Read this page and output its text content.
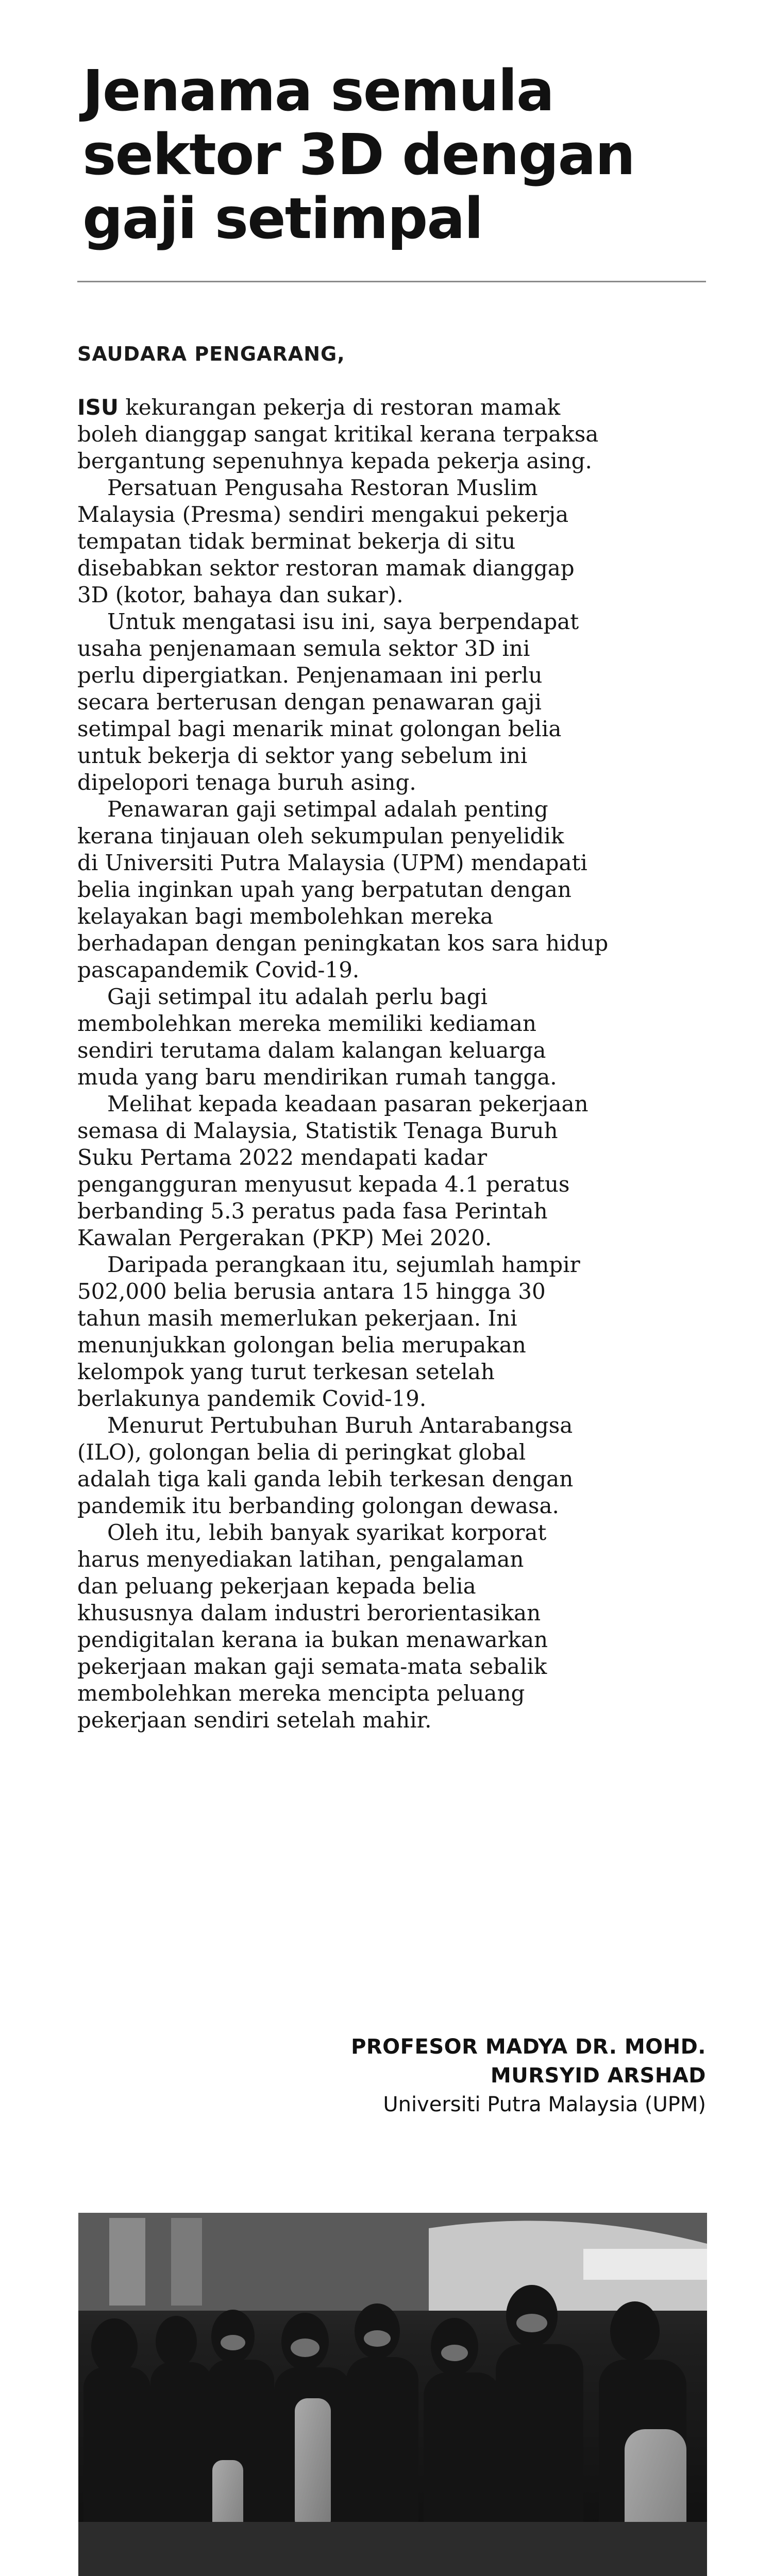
Jenama semula
sektor 3D dengan
gaji setimpal
SAUDARA PENGARANG,

ISU kekurangan pekerja di restoran mamak
boleh dianggap sangat kritikal kerana terpaksa
bergantung sepenuhnya kepada pekerja asing.

Persatuan Pengusaha Restoran Muslim
Malaysia (Presma) sendiri mengakui pekerja
tempatan tidak berminat bekerja di situ
disebabkan sektor restoran mamak dianggap
3D (kotor, bahaya dan sukar).

Untuk mengatasi isu ini, saya berpendapat
usaha penjenamaan semula sektor 3D ini
perlu dipergiatkan. Penjenamaan ini perlu
secara berterusan dengan penawaran gaji
setimpal bagi menarik minat golongan belia
untuk bekerja di sektor yang sebelum ini
dipelopori tenaga buruh asing.

Penawaran gaji setimpal adalah penting
kerana tinjauan oleh sekumpulan penyelidik
di Universiti Putra Malaysia (UPM) mendapati
belia inginkan upah yang berpatutan dengan
kelayakan bagi membolehkan mereka
berhadapan dengan peningkatan kos sara hidup
pascapandemik Covid-19.

Gaji setimpal itu adalah perlu bagi
membolehkan mereka memiliki kediaman
sendiri terutama dalam kalangan keluarga
muda yang baru mendirikan rumah tangga.

Melihat kepada keadaan pasaran pekerjaan
semasa di Malaysia, Statistik Tenaga Buruh
Suku Pertama 2022 mendapati kadar
pengangguran menyusut kepada 4.1 peratus
berbanding 5.3 peratus pada fasa Perintah
Kawalan Pergerakan (PKP) Mei 2020.

Daripada perangkaan itu, sejumlah hampir
502,000 belia berusia antara 15 hingga 30
tahun masih memerlukan pekerjaan. Ini
menunjukkan golongan belia merupakan
kelompok yang turut terkesan setelah
berlakunya pandemik Covid-19.

Menurut Pertubuhan Buruh Antarabangsa
(ILO), golongan belia di peringkat global
adalah tiga kali ganda lebih terkesan dengan
pandemik itu berbanding golongan dewasa.

Oleh itu, lebih banyak syarikat korporat
harus menyediakan latihan, pengalaman
dan peluang pekerjaan kepada belia
khususnya dalam industri berorientasikan
pendigitalan kerana ia bukan menawarkan
pekerjaan makan gaji semata-mata sebalik
membolehkan mereka mencipta peluang
pekerjaan sendiri setelah mahir.

PROFESOR MADYA DR. MOHD.
MURSYID ARSHAD
Universiti Putra Malaysia (UPM)
